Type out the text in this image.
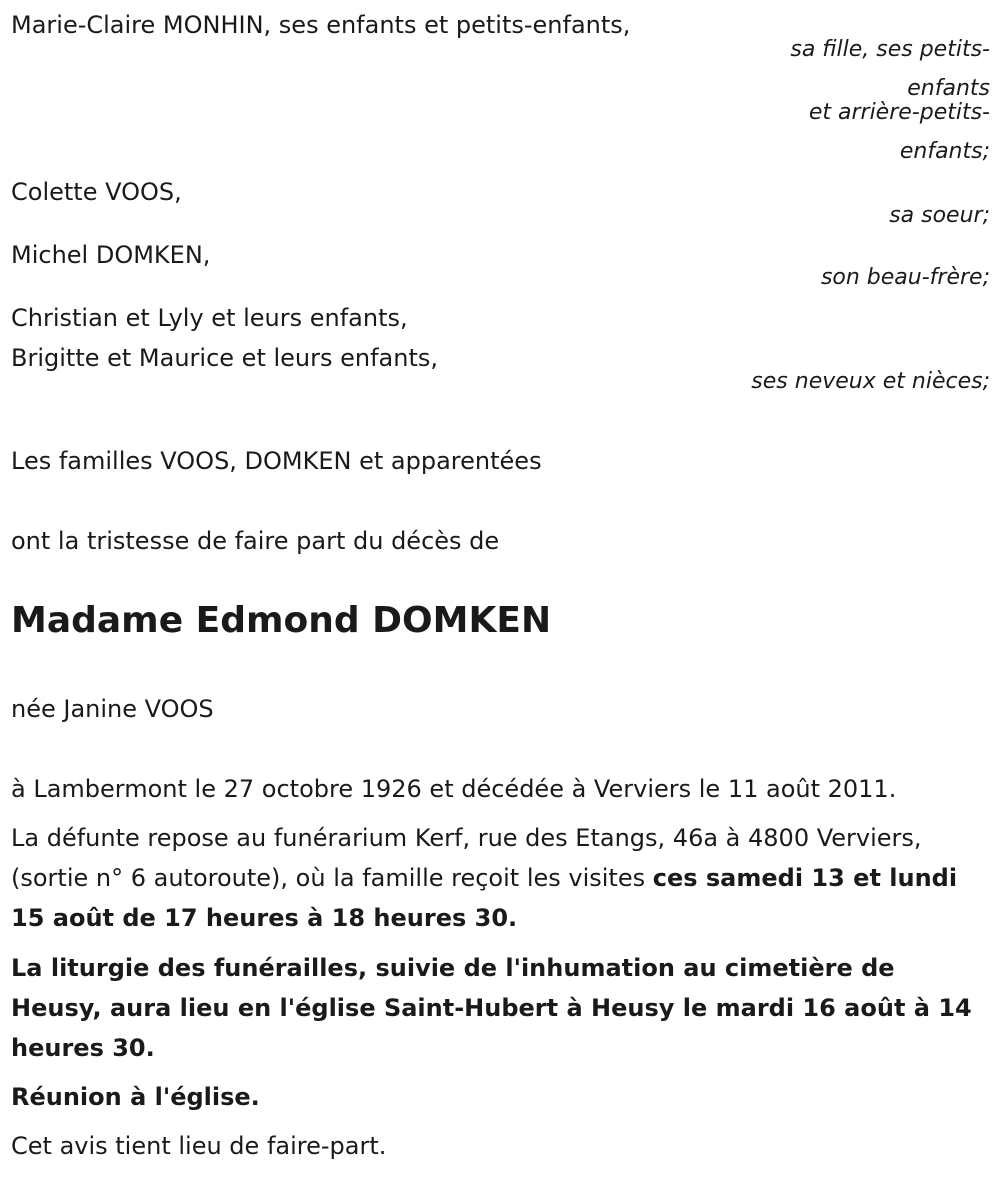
Marie-Claire MONHIN, ses enfants et petits-enfants,
sa fille, ses petits-enfants
et arrière-petits-enfants;
Colette VOOS,
sa soeur;
Michel DOMKEN,
son beau-frère;
Christian et Lyly et leurs enfants,
Brigitte et Maurice et leurs enfants,
ses neveux et nièces;
Les familles VOOS, DOMKEN et apparentées
ont la tristesse de faire part du décès de
Madame Edmond DOMKEN
née Janine VOOS
à Lambermont le 27 octobre 1926 et décédée à Verviers le 11 août 2011.
La défunte repose au funérarium Kerf, rue des Etangs, 46a à 4800 Verviers, (sortie n° 6 autoroute), où la famille reçoit les visites ces samedi 13 et lundi 15 août de 17 heures à 18 heures 30.
La liturgie des funérailles, suivie de l'inhumation au cimetière de Heusy, aura lieu en l'église Saint-Hubert à Heusy le mardi 16 août à 14 heures 30.
Réunion à l'église.
Cet avis tient lieu de faire-part.
